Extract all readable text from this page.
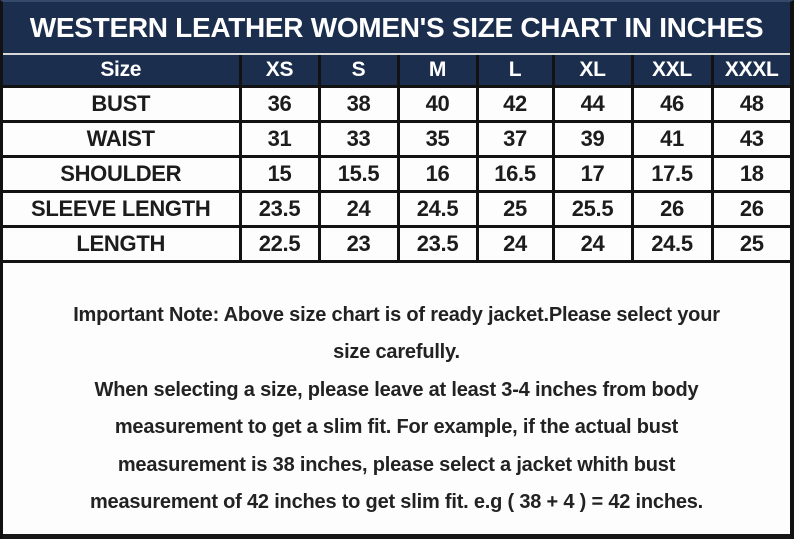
WESTERN LEATHER WOMEN'S SIZE CHART IN INCHES
Size	XS	S	M	L	XL	XXL	XXXL
BUST	36	38	40	42	44	46	48
WAIST	31	33	35	37	39	41	43
SHOULDER	15	15.5	16	16.5	17	17.5	18
SLEEVE LENGTH	23.5	24	24.5	25	25.5	26	26
LENGTH	22.5	23	23.5	24	24	24.5	25
Important Note: Above size chart is of ready jacket.Please select your
size carefully.
When selecting a size, please leave at least 3-4 inches from body
measurement to get a slim fit. For example, if the actual bust
measurement is 38 inches, please select a jacket whith bust
measurement of 42 inches to get slim fit. e.g ( 38 + 4 ) = 42 inches.
